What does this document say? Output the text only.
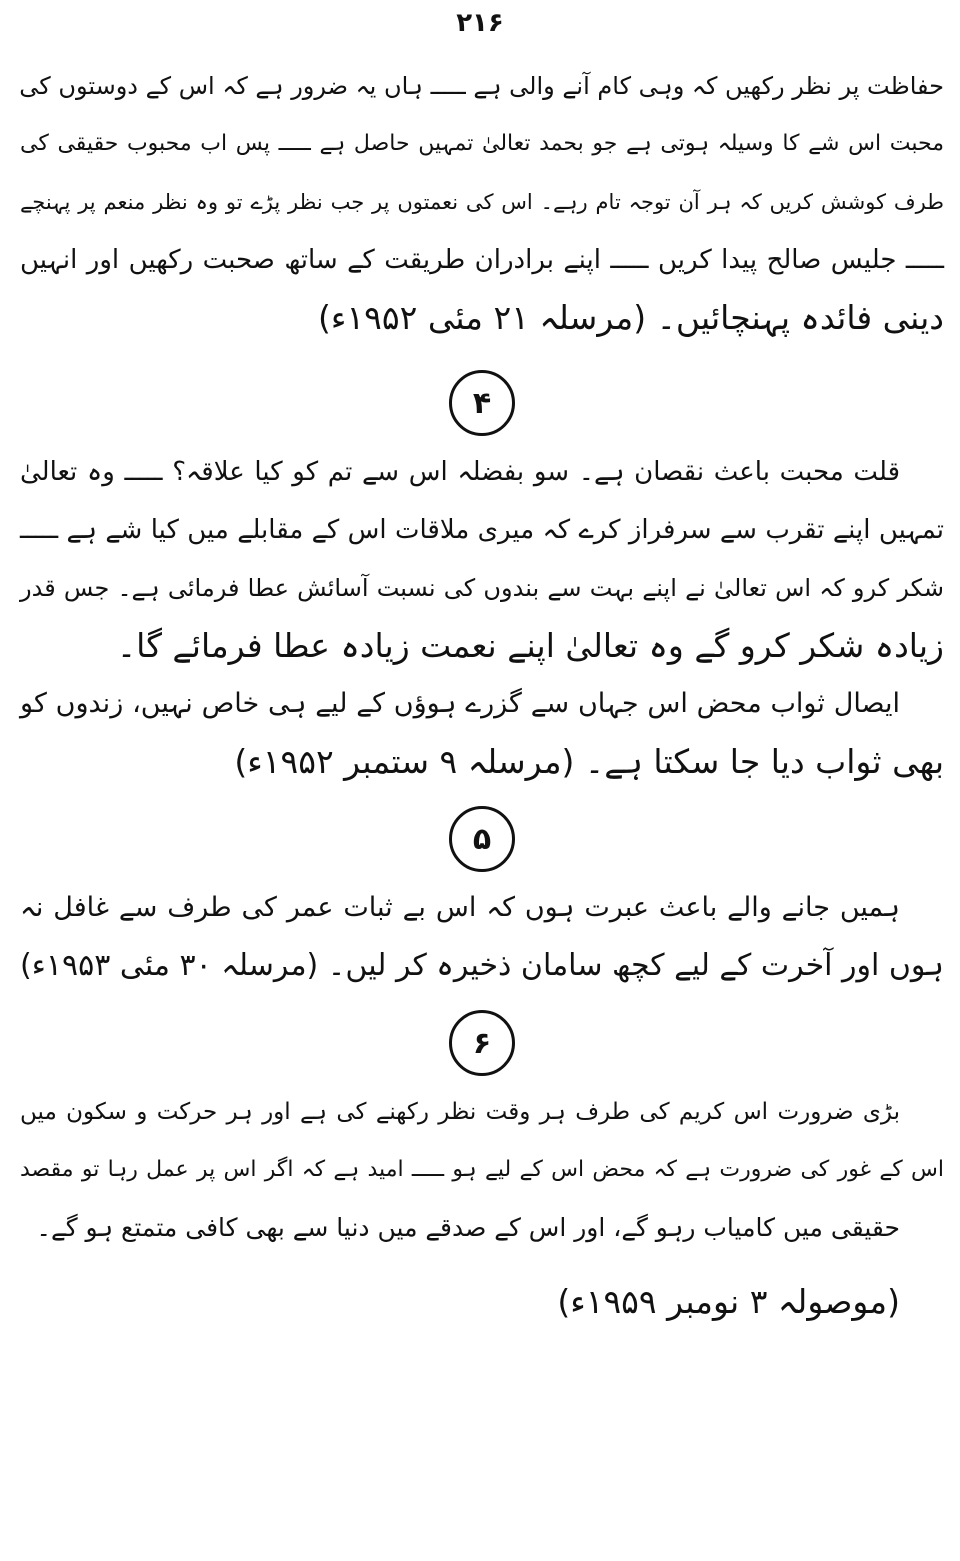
۲۱۶
حفاظت پر نظر رکھیں کہ وہی کام آنے والی ہے ـــــ ہاں یہ ضرور ہے کہ اس کے دوستوں کی
محبت اس شے کا وسیلہ ہوتی ہے جو بحمد تعالیٰ تمہیں حاصل ہے ـــــ پس اب محبوب حقیقی کی
طرف کوشش کریں کہ ہر آن توجہ تام رہے۔ اس کی نعمتوں پر جب نظر پڑے تو وہ نظر منعم پر پہنچے
ـــــ جلیس صالح پیدا کریں ـــــ اپنے برادران طریقت کے ساتھ صحبت رکھیں اور انہیں
دینی فائدہ پہنچائیں۔ (مرسلہ ۲۱ مئی ۱۹۵۲ء)
۴
قلت محبت باعث نقصان ہے۔ سو بفضلہ اس سے تم کو کیا علاقہ؟ ـــــ وہ تعالیٰ
تمہیں اپنے تقرب سے سرفراز کرے کہ میری ملاقات اس کے مقابلے میں کیا شے ہے ـــــ
شکر کرو کہ اس تعالیٰ نے اپنے بہت سے بندوں کی نسبت آسائش عطا فرمائی ہے۔ جس قدر
زیادہ شکر کرو گے وہ تعالیٰ اپنے نعمت زیادہ عطا فرمائے گا۔
ایصال ثواب محض اس جہاں سے گزرے ہوؤں کے لیے ہی خاص نہیں، زندوں کو
بھی ثواب دیا جا سکتا ہے۔ (مرسلہ ۹ ستمبر ۱۹۵۲ء)
۵
ہمیں جانے والے باعث عبرت ہوں کہ اس بے ثبات عمر کی طرف سے غافل نہ
ہوں اور آخرت کے لیے کچھ سامان ذخیرہ کر لیں۔ (مرسلہ ۳۰ مئی ۱۹۵۳ء)
۶
بڑی ضرورت اس کریم کی طرف ہر وقت نظر رکھنے کی ہے اور ہر حرکت و سکون میں
اس کے غور کی ضرورت ہے کہ محض اس کے لیے ہو ـــــ امید ہے کہ اگر اس پر عمل رہا تو مقصد
حقیقی میں کامیاب رہو گے، اور اس کے صدقے میں دنیا سے بھی کافی متمتع ہو گے۔
(موصولہ ۳ نومبر ۱۹۵۹ء)
